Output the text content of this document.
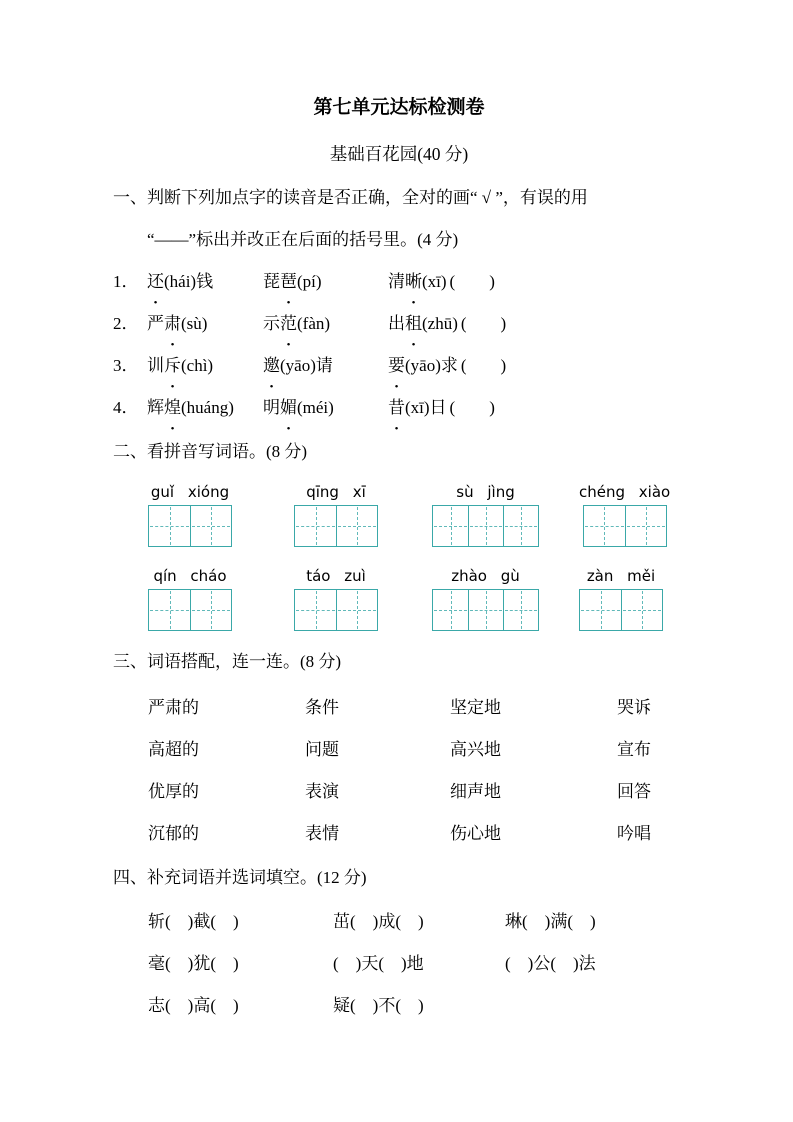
第七单元达标检测卷
基础百花园(40 分)
一、判断下列加点字的读音是否正确，全对的画“ √ ”，有误的用
“——”标出并改正在后面的括号里。(4 分)
1． 还(hái)钱	琵琶(pí)	清晰(xī) (　　)
2． 严肃(sù)	示范(fàn)	出租(zhū) (　　)
3． 训斥(chì)	邀(yāo)请	要(yāo)求 (　　)
4． 辉煌(huáng)	明媚(méi)	昔(xī)日 (　　)
二、看拼音写词语。(8 分)
guǐ xióng	qīng xī	sù jìng	chéng xiào
qín cháo	táo zuì	zhào gù	zàn měi
三、词语搭配，连一连。(8 分)
严肃的	条件	坚定地	哭诉
高超的	问题	高兴地	宣布
优厚的	表演	细声地	回答
沉郁的	表情	伤心地	吟唱
四、补充词语并选词填空。(12 分)
斩(　)截(　)	茁(　)成(　)	琳(　)满(　)
毫(　)犹(　)	(　)天(　)地	(　)公(　)法
志(　)高(　)	疑(　)不(　)
